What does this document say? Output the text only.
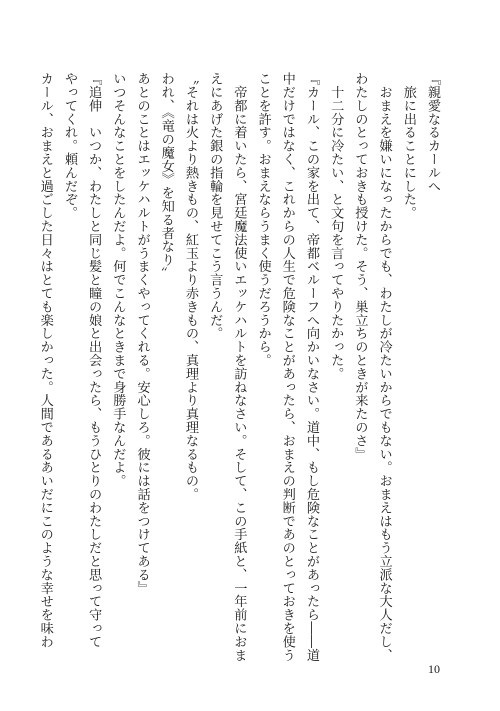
『親愛なるカールへ
　旅に出ることにした。
　おまえを嫌いになったからでも、わたしが冷たいからでもない。おまえはもう立派な大人だし、
わたしのとっておきも授けた。そう、巣立ちのときが来たのさ』
　十二分に冷たい、と文句を言ってやりたかった。
『カール、この家を出て、帝都ベルーフへ向かいなさい。道中、もし危険なことがあったら――道
中だけではなく、これからの人生で危険なことがあったら、おまえの判断であのとっておきを使う
ことを許す。おまえならうまく使うだろうから。
　帝都に着いたら、宮廷魔法使いエッケハルトを訪ねなさい。そして、この手紙と、一年前におま
えにあげた銀の指輪を見せてこう言うんだ。
〝それは火より熱きもの、紅玉より赤きもの、真理より真理なるもの。
われ、《竜の魔女》を知る者なり〟
あとのことはエッケハルトがうまくやってくれる。安心しろ。彼には話をつけてある』
いつそんなことをしたんだよ。何でこんなときまで身勝手なんだよ。
『追伸　いつか、わたしと同じ髪と瞳の娘と出会ったら、もうひとりのわたしだと思って守って
やってくれ。頼んだぞ。
カール、おまえと過ごした日々はとても楽しかった。人間であるあいだにこのような幸せを味わ
10
